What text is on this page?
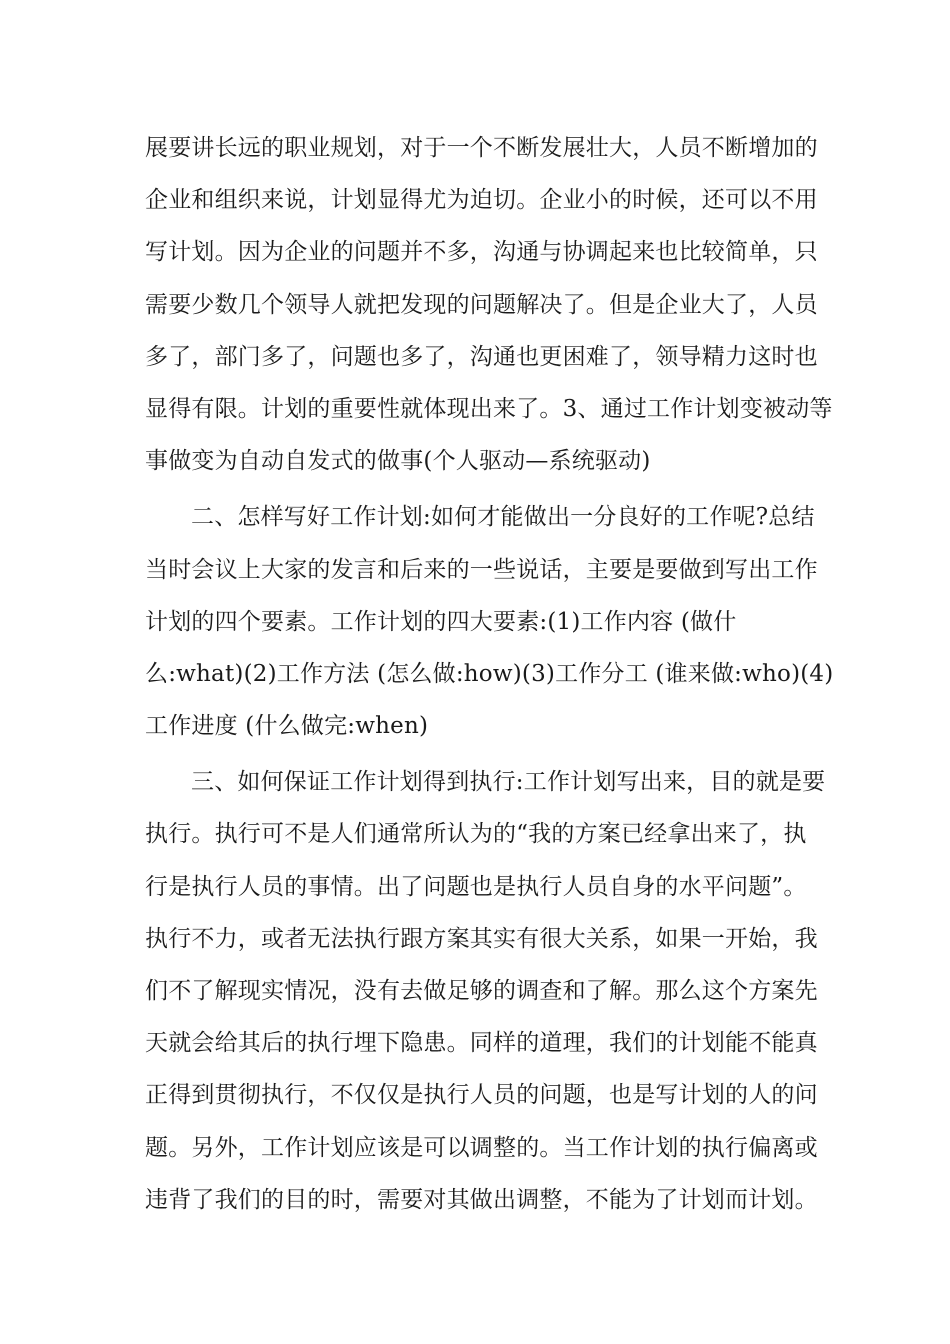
展要讲长远的职业规划，对于一个不断发展壮大，人员不断增加的
企业和组织来说，计划显得尤为迫切。企业小的时候，还可以不用
写计划。因为企业的问题并不多，沟通与协调起来也比较简单，只
需要少数几个领导人就把发现的问题解决了。但是企业大了，人员
多了，部门多了，问题也多了，沟通也更困难了，领导精力这时也
显得有限。计划的重要性就体现出来了。3、通过工作计划变被动等
事做变为自动自发式的做事(个人驱动—系统驱动)
二、怎样写好工作计划:如何才能做出一分良好的工作呢?总结
当时会议上大家的发言和后来的一些说话，主要是要做到写出工作
计划的四个要素。工作计划的四大要素:(1)工作内容 (做什
么:what)(2)工作方法 (怎么做:how)(3)工作分工 (谁来做:who)(4)
工作进度 (什么做完:when)
三、如何保证工作计划得到执行:工作计划写出来，目的就是要
执行。执行可不是人们通常所认为的“我的方案已经拿出来了，执
行是执行人员的事情。出了问题也是执行人员自身的水平问题”。
执行不力，或者无法执行跟方案其实有很大关系，如果一开始，我
们不了解现实情况，没有去做足够的调查和了解。那么这个方案先
天就会给其后的执行埋下隐患。同样的道理，我们的计划能不能真
正得到贯彻执行，不仅仅是执行人员的问题，也是写计划的人的问
题。另外，工作计划应该是可以调整的。当工作计划的执行偏离或
违背了我们的目的时，需要对其做出调整，不能为了计划而计划。
